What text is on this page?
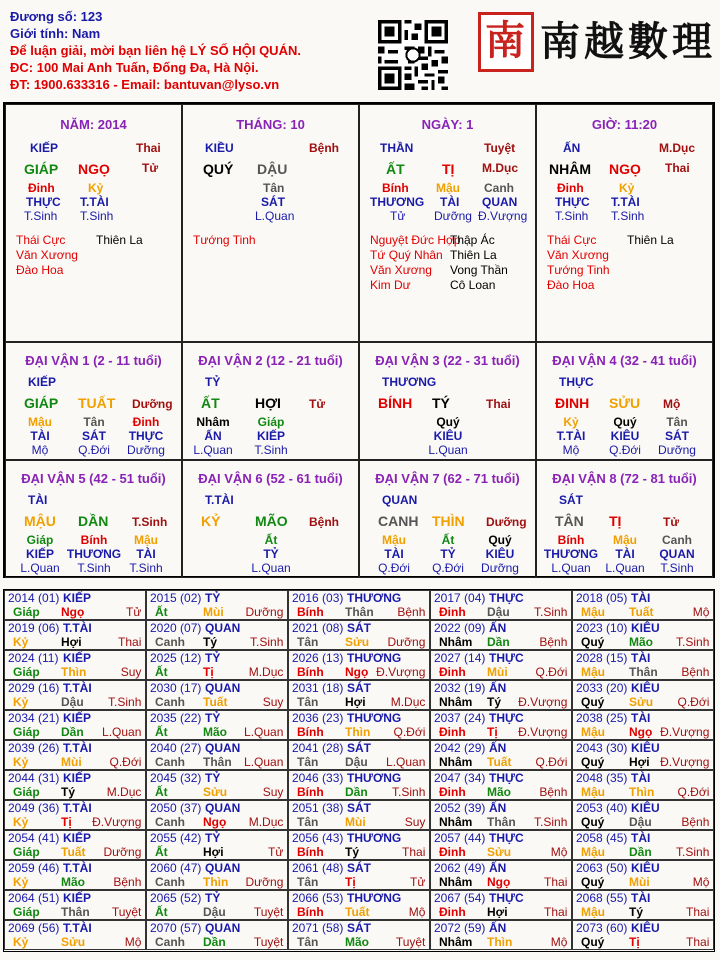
Đương số: 123
Giới tính: Nam
Để luận giải, mời bạn liên hệ LÝ SỐ HỘI QUÁN.
ĐC: 100 Mai Anh Tuấn, Đống Đa, Hà Nội.
ĐT: 1900.633316 - Email: bantuvan@lyso.vn
南 南越數理
NĂM: 2014
KIẾP	Thai
GIÁP NGỌ	Tử
Đinh	Kỷ
THỰC T.TÀI
T.Sinh T.Sinh
Thái Cực	Thiên La
Văn Xương
Đào Hoa
THÁNG: 10
KIỀU	Bệnh
QUÝ DẬU
Tân
SÁT
L.Quan
Tướng Tinh
NGÀY: 1
THẦN	Tuyệt
ẤT	TỊ M.Dục
Bính Mậu Canh
THƯƠNG TÀI QUAN
Tử Dưỡng Đ.Vượng
Nguyệt Đức Hợp
Thập Ác
Tứ Quý Nhân Thiên La
Văn Xương Vong Thần
Kim Dư	Cô Loan
GIỜ: 11:20
ẤN	M.Dục
NHÂM NGỌ Thai
Đinh	Kỷ
THỰC T.TÀI
T.Sinh T.Sinh
Thái Cực	Thiên La
Văn Xương
Tướng Tinh
Đào Hoa
ĐẠI VẬN 1 (2 - 11 tuổi)
KIẾP
GIÁP TUẤT Dưỡng
Mậu
TÀI
Mộ
Tân
SÁT
Q.Đới
Đinh
THỰC
Dưỡng
ĐẠI VẬN 2 (12 - 21 tuổi)
TỶ
ẤT	HỢI Tử
Nhâm
ẤN
L.Quan
Giáp
KIẾP
T.Sinh
ĐẠI VẬN 3 (22 - 31 tuổi)
THƯƠNG
BÍNH TÝ	Thai
Quý
KIÊU
L.Quan
ĐẠI VẬN 4 (32 - 41 tuổi)
THỰC
ĐINH SỬU Mộ
Kỷ
T.TÀI
Mộ
Quý
KIÊU
Q.Đới
Tân
SÁT
Dưỡng
ĐẠI VẬN 5 (42 - 51 tuổi)
TÀI
MẬU DẦN T.Sinh
Giáp
KIẾP
L.Quan
Bính
THƯƠNG
T.Sinh
Mậu
TÀI
T.Sinh
ĐẠI VẬN 6 (52 - 61 tuổi)
T.TÀI
KỶ MÃO Bệnh
Ất
TỶ
L.Quan
ĐẠI VẬN 7 (62 - 71 tuổi)
QUAN
CANH THÌN Dưỡng
Mậu
TÀI
Q.Đới
Ất
TỶ
Q.Đới
Quý
KIÊU
Dưỡng
ĐẠI VẬN 8 (72 - 81 tuổi)
SÁT
TÂN TỊ	Tử
Bính
THƯƠNG
L.Quan
Mậu
TÀI
L.Quan
Canh
QUAN
T.Sinh
2014 (01) KIẾP
Giáp Ngọ	Tử
2015 (02) TỶ
Ất	Mùi Dưỡng
2016 (03) THƯƠNG
Bính Thân Bệnh
2017 (04) THỰC
Đinh Dậu T.Sinh
2018 (05) TÀI
Mậu Tuất	Mộ
2019 (06) T.TÀI
Kỷ	Hợi	Thai
2020 (07) QUAN
Canh Tý	T.Sinh
2021 (08) SÁT
Tân Sửu Dưỡng
2022 (09) ẤN
Nhâm Dần Bệnh
2023 (10) KIÊU
Quý Mão T.Sinh
2024 (11) KIẾP
Giáp Thìn	Suy
2025 (12) TỶ
Ất	Tị	M.Dục
2026 (13) THƯƠNG
Bính Ngọ Đ.Vượng
2027 (14) THỰC
Đinh Mùi Q.Đới
2028 (15) TÀI
Mậu Thân Bệnh
2029 (16) T.TÀI
Kỷ	Dậu T.Sinh
2030 (17) QUAN
Canh Tuất	Suy
2031 (18) SÁT
Tân Hợi M.Dục
2032 (19) ẤN
Nhâm Tý Đ.Vượng
2033 (20) KIÊU
Quý Sửu Q.Đới
2034 (21) KIẾP
Giáp Dần L.Quan
2035 (22) TỶ
Ất	Mão L.Quan
2036 (23) THƯƠNG
Bính Thìn Q.Đới
2037 (24) THỰC
Đinh Tị Đ.Vượng
2038 (25) TÀI
Mậu Ngọ Đ.Vượng
2039 (26) T.TÀI
Kỷ	Mùi Q.Đới
2040 (27) QUAN
Canh Thân L.Quan
2041 (28) SÁT
Tân Dậu L.Quan
2042 (29) ẤN
Nhâm Tuất Q.Đới
2043 (30) KIÊU
Quý Hợi Đ.Vượng
2044 (31) KIẾP
Giáp Tý	M.Dục
2045 (32) TỶ
Ất	Sửu	Suy
2046 (33) THƯƠNG
Bính Dần T.Sinh
2047 (34) THỰC
Đinh Mão Bệnh
2048 (35) TÀI
Mậu Thìn Q.Đới
2049 (36) T.TÀI
Kỷ	Tị Đ.Vượng
2050 (37) QUAN
Canh Ngọ M.Dục
2051 (38) SÁT
Tân Mùi	Suy
2052 (39) ẤN
Nhâm Thân T.Sinh
2053 (40) KIÊU
Quý Dậu Bệnh
2054 (41) KIẾP
Giáp Tuất Dưỡng
2055 (42) TỶ
Ất	Hợi	Tử
2056 (43) THƯƠNG
Bính Tý	Thai
2057 (44) THỰC
Đinh Sửu	Mộ
2058 (45) TÀI
Mậu Dần T.Sinh
2059 (46) T.TÀI
Kỷ	Mão Bệnh
2060 (47) QUAN
Canh Thìn Dưỡng
2061 (48) SÁT
Tân Tị	Tử
2062 (49) ẤN
Nhâm Ngọ	Thai
2063 (50) KIÊU
Quý Mùi	Mộ
2064 (51) KIẾP
Giáp Thân Tuyệt
2065 (52) TỶ
Ất	Dậu Tuyệt
2066 (53) THƯƠNG
Bính Tuất	Mộ
2067 (54) THỰC
Đinh Hợi	Thai
2068 (55) TÀI
Mậu Tý	Thai
2069 (56) T.TÀI
Kỷ	Sửu	Mộ
2070 (57) QUAN
Canh Dần Tuyệt
2071 (58) SÁT
Tân Mão Tuyệt
2072 (59) ẤN
Nhâm Thìn	Mộ
2073 (60) KIÊU
Quý Tị	Thai
